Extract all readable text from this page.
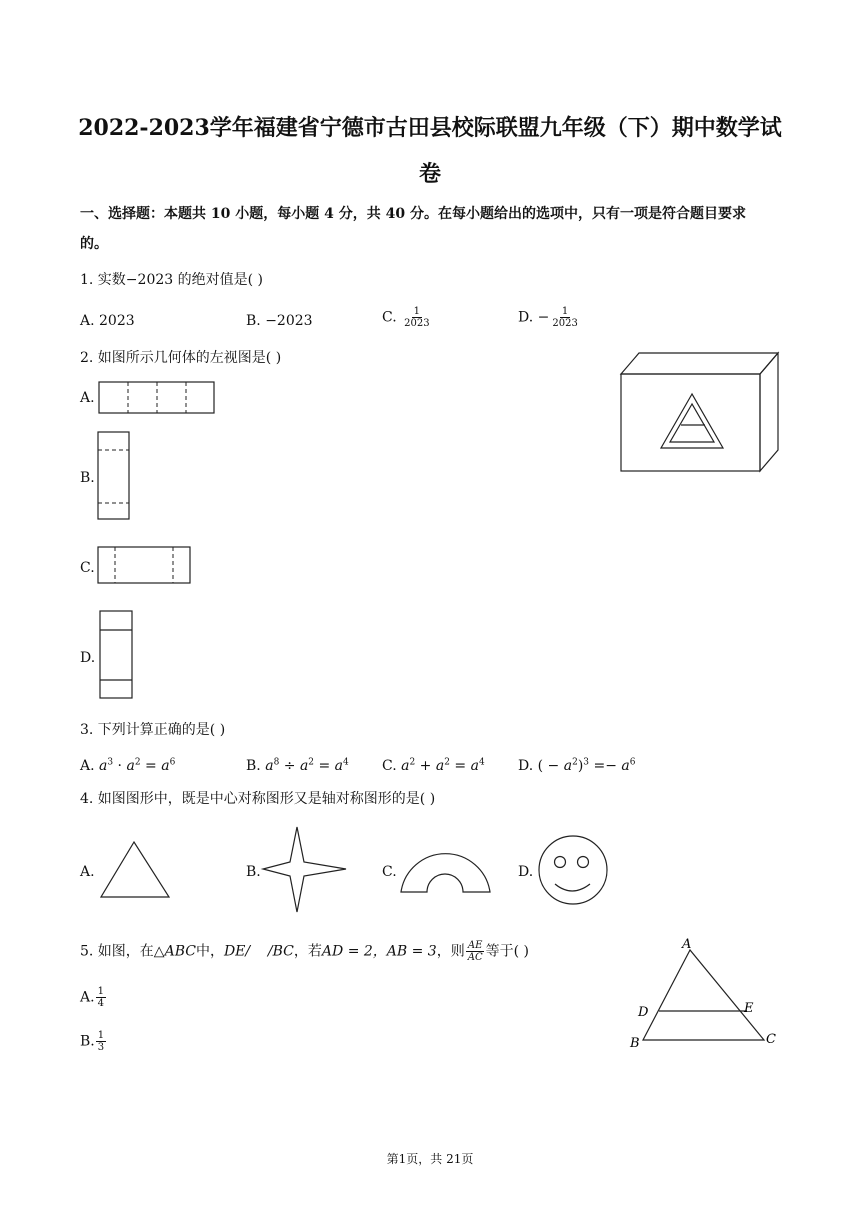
2022-2023学年福建省宁德市古田县校际联盟九年级（下）期中数学试
卷
一、选择题：本题共 10 小题，每小题 4 分，共 40 分。在每小题给出的选项中，只有一项是符合题目要求
的。
1. 实数−2023 的绝对值是( )
A. 2023	B. −2023	C. $\frac{1}{2023}$	D. − $\frac{1}{2023}$
2. 如图所示几何体的左视图是( )
A.
B.
C.
D.
3. 下列计算正确的是( )
A. $a^3 \cdot a^2 = a^6$	B. $a^8 \div a^2 = a^4$ C. $a^2 + a^2 = a^4$ D. ( − $a^2)^3 =- a^6$
4. 如图图形中，既是中心对称图形又是轴对称图形的是( )
A.	B.	C.	D.
5. 如图，在△ABC中，DE/    /BC，若AD = 2，AB = 3，则 $\frac{AE}{AC}$ 等于( )
A. $\frac{1}{4}$
B. $\frac{1}{3}$
A
D	E
B	C
第1页，共 21页
